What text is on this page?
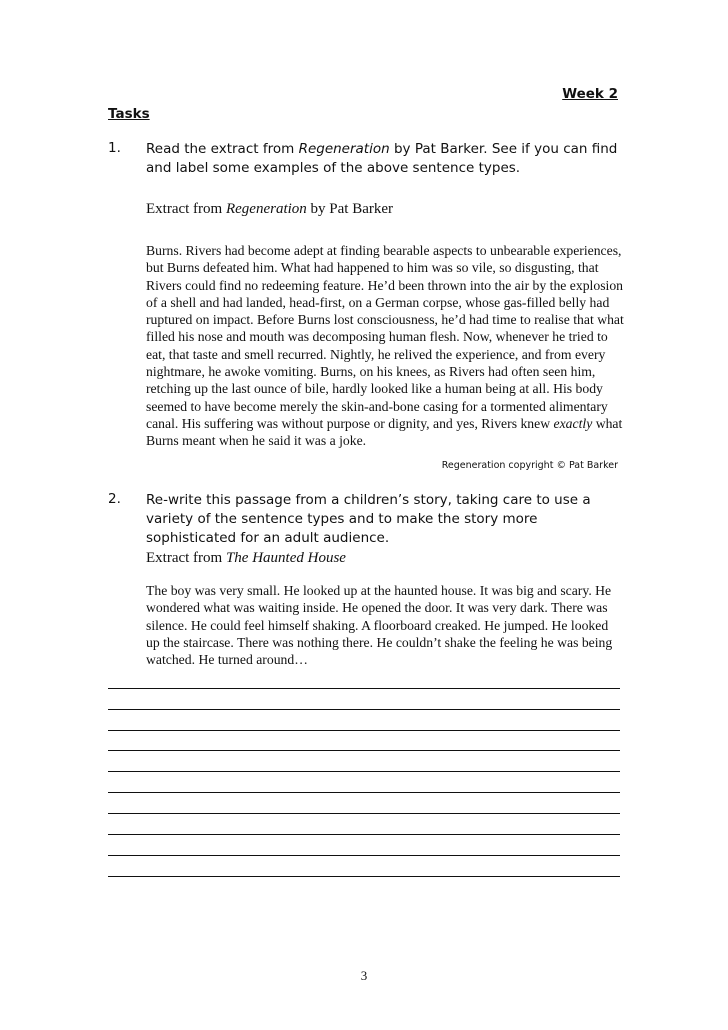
Week 2
Tasks
1. Read the extract from Regeneration by Pat Barker. See if you can find and label some examples of the above sentence types.
Extract from Regeneration by Pat Barker
Burns. Rivers had become adept at finding bearable aspects to unbearable experiences, but Burns defeated him. What had happened to him was so vile, so disgusting, that Rivers could find no redeeming feature. He’d been thrown into the air by the explosion of a shell and had landed, head-first, on a German corpse, whose gas-filled belly had ruptured on impact. Before Burns lost consciousness, he’d had time to realise that what filled his nose and mouth was decomposing human flesh. Now, whenever he tried to eat, that taste and smell recurred. Nightly, he relived the experience, and from every nightmare, he awoke vomiting. Burns, on his knees, as Rivers had often seen him, retching up the last ounce of bile, hardly looked like a human being at all. His body seemed to have become merely the skin-and-bone casing for a tormented alimentary canal. His suffering was without purpose or dignity, and yes, Rivers knew exactly what Burns meant when he said it was a joke.
Regeneration copyright © Pat Barker
2. Re-write this passage from a children’s story, taking care to use a variety of the sentence types and to make the story more sophisticated for an adult audience.
Extract from The Haunted House
The boy was very small. He looked up at the haunted house. It was big and scary. He wondered what was waiting inside. He opened the door. It was very dark. There was silence. He could feel himself shaking. A floorboard creaked. He jumped. He looked up the staircase. There was nothing there. He couldn’t shake the feeling he was being watched. He turned around…
3
